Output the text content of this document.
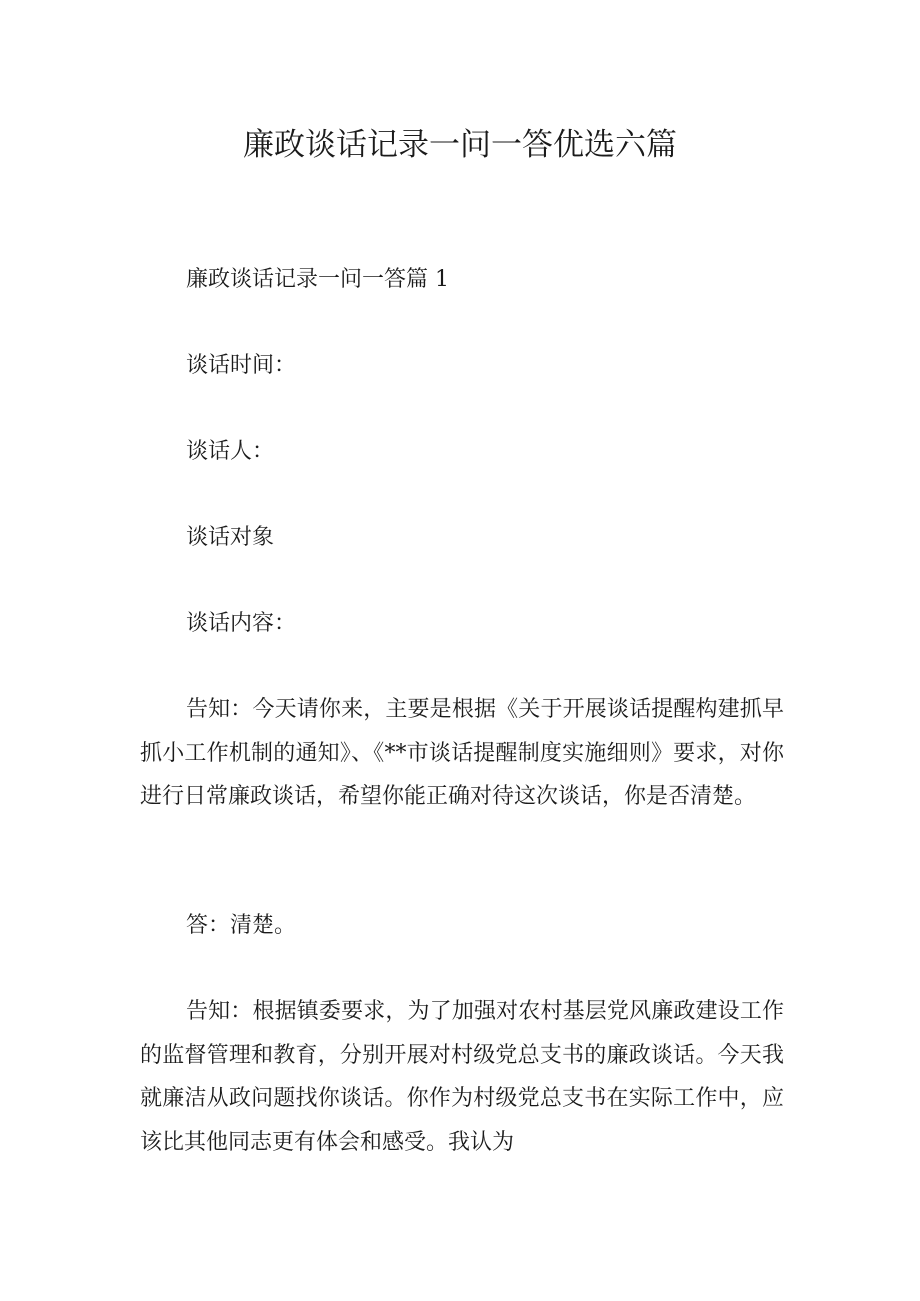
廉政谈话记录一问一答优选六篇

廉政谈话记录一问一答篇 1

谈话时间：

谈话人：

谈话对象

谈话内容：

告知：今天请你来，主要是根据《关于开展谈话提醒构建抓早抓小工作机制的通知》、《**市谈话提醒制度实施细则》要求，对你进行日常廉政谈话，希望你能正确对待这次谈话，你是否清楚。

答：清楚。

告知：根据镇委要求，为了加强对农村基层党风廉政建设工作的监督管理和教育，分别开展对村级党总支书的廉政谈话。今天我就廉洁从政问题找你谈话。你作为村级党总支书在实际工作中，应该比其他同志更有体会和感受。我认为
